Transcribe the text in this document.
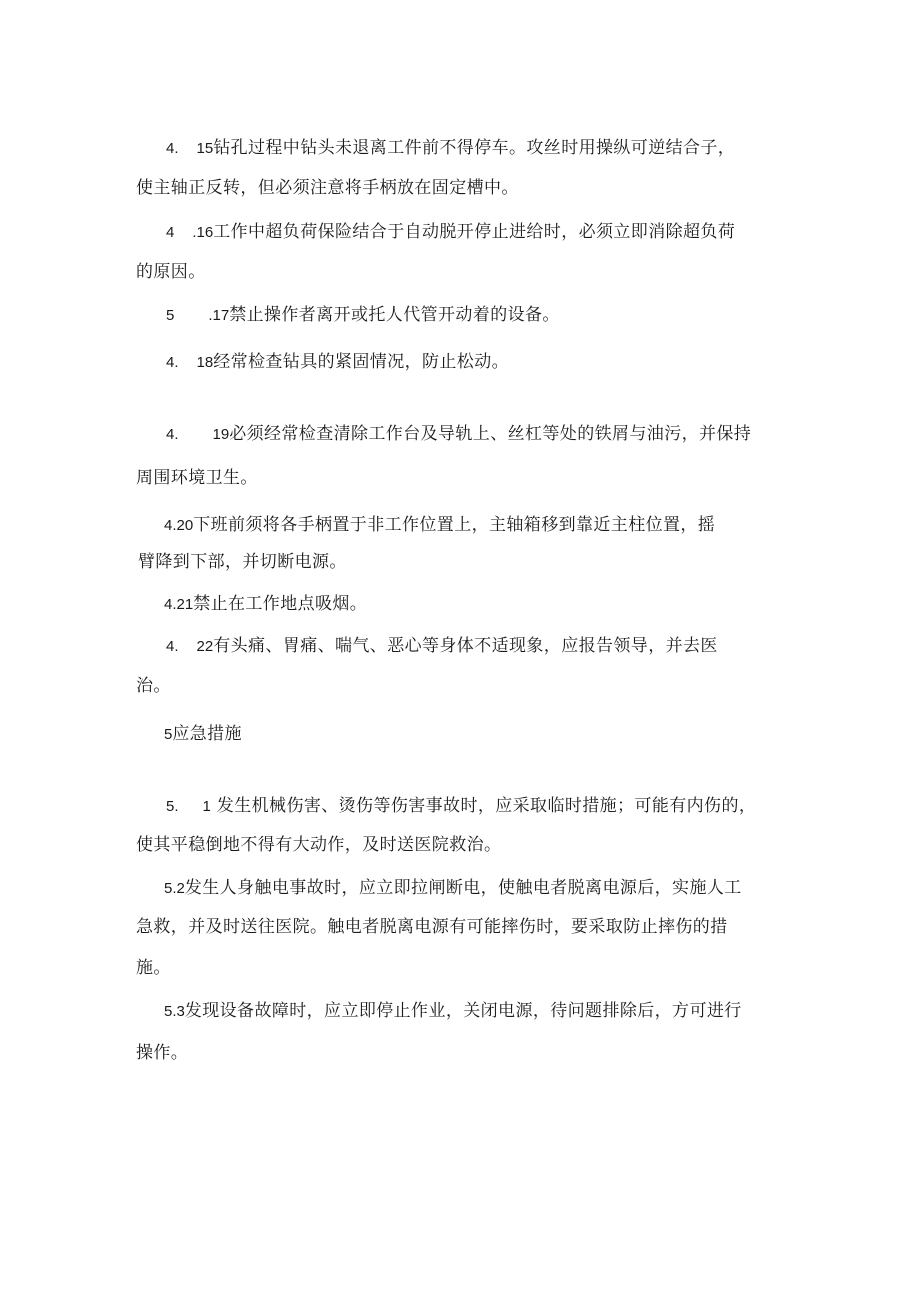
4. 15钻孔过程中钻头未退离工件前不得停车。攻丝时用操纵可逆结合子，
使主轴正反转，但必须注意将手柄放在固定槽中。
4 .16工作中超负荷保险结合于自动脱开停止进给时，必须立即消除超负荷
的原因。
5 .17禁止操作者离开或托人代管开动着的设备。
4. 18经常检查钻具的紧固情况，防止松动。
4. 19必须经常检查清除工作台及导轨上、丝杠等处的铁屑与油污，并保持
周围环境卫生。
4.20下班前须将各手柄置于非工作位置上，主轴箱移到靠近主柱位置，摇
臂降到下部，并切断电源。
4.21禁止在工作地点吸烟。
4. 22有头痛、胃痛、喘气、恶心等身体不适现象，应报告领导，并去医
治。
5应急措施
5. 1 发生机械伤害、烫伤等伤害事故时，应采取临时措施；可能有内伤的，
使其平稳倒地不得有大动作，及时送医院救治。
5.2发生人身触电事故时，应立即拉闸断电，使触电者脱离电源后，实施人工
急救，并及时送往医院。触电者脱离电源有可能摔伤时，要采取防止摔伤的措
施。
5.3发现设备故障时，应立即停止作业，关闭电源，待问题排除后，方可进行
操作。
